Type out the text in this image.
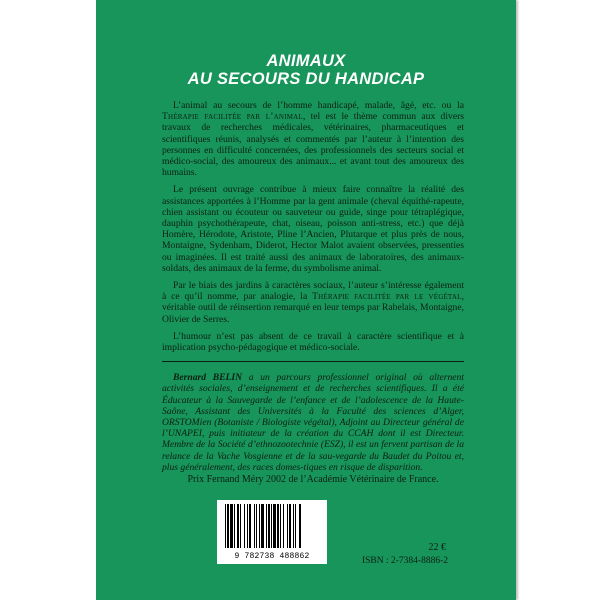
ANIMAUX
AU SECOURS DU HANDICAP

L’animal au secours de l’homme handicapé, malade, âgé, etc. ou la Thérapie facilitée par l’animal, tel est le thème commun aux divers travaux de recherches médicales, vétérinaires, pharmaceutiques et scientifiques réunis, analysés et commentés par l’auteur à l’intention des personnes en difficulté concernées, des professionnels des secteurs social et médico-social, des amoureux des animaux... et avant tout des amoureux des humains.

Le présent ouvrage contribue à mieux faire connaître la réalité des assistances apportées à l’Homme par la gent animale (cheval équithé-rapeute, chien assistant ou écouteur ou sauveteur ou guide, singe pour tétraplégique, dauphin psychothérapeute, chat, oiseau, poisson anti-stress, etc.) que déjà Homère, Hérodote, Aristote, Pline l’Ancien, Plutarque et plus près de nous, Montaigne, Sydenham, Diderot, Hector Malot avaient observées, pressenties ou imaginées. Il est traité aussi des animaux de laboratoires, des animaux-soldats, des animaux de la ferme, du symbolisme animal.

Par le biais des jardins à caractères sociaux, l’auteur s’intéresse également à ce qu’il nomme, par analogie, la Thérapie facilitée par le végétal, véritable outil de réinsertion remarqué en leur temps par Rabelais, Montaigne, Olivier de Serres.

L’humour n’est pas absent de ce travail à caractère scientifique et à implication psycho-pédagogique et médico-sociale.

Bernard BELIN a un parcours professionnel original où alternent activités sociales, d’enseignement et de recherches scientifiques. Il a été Éducateur à la Sauvegarde de l’enfance et de l’adolescence de la Haute-Saône, Assistant des Universités à la Faculté des sciences d’Alger, ORSTOMien (Botaniste / Biologiste végétal), Adjoint au Directeur général de l’UNAPEI, puis initiateur de la création du CCAH dont il est Directeur. Membre de la Société d’ethnozootechnie (ESZ), il est un fervent partisan de la relance de la Vache Vosgienne et de la sau-vegarde du Baudet du Poitou et, plus généralement, des races domes-tiques en risque de disparition.

Prix Fernand Méry 2002 de l’Académie Vétérinaire de France.
9 782738 488862
22 €
ISBN : 2-7384-8886-2
